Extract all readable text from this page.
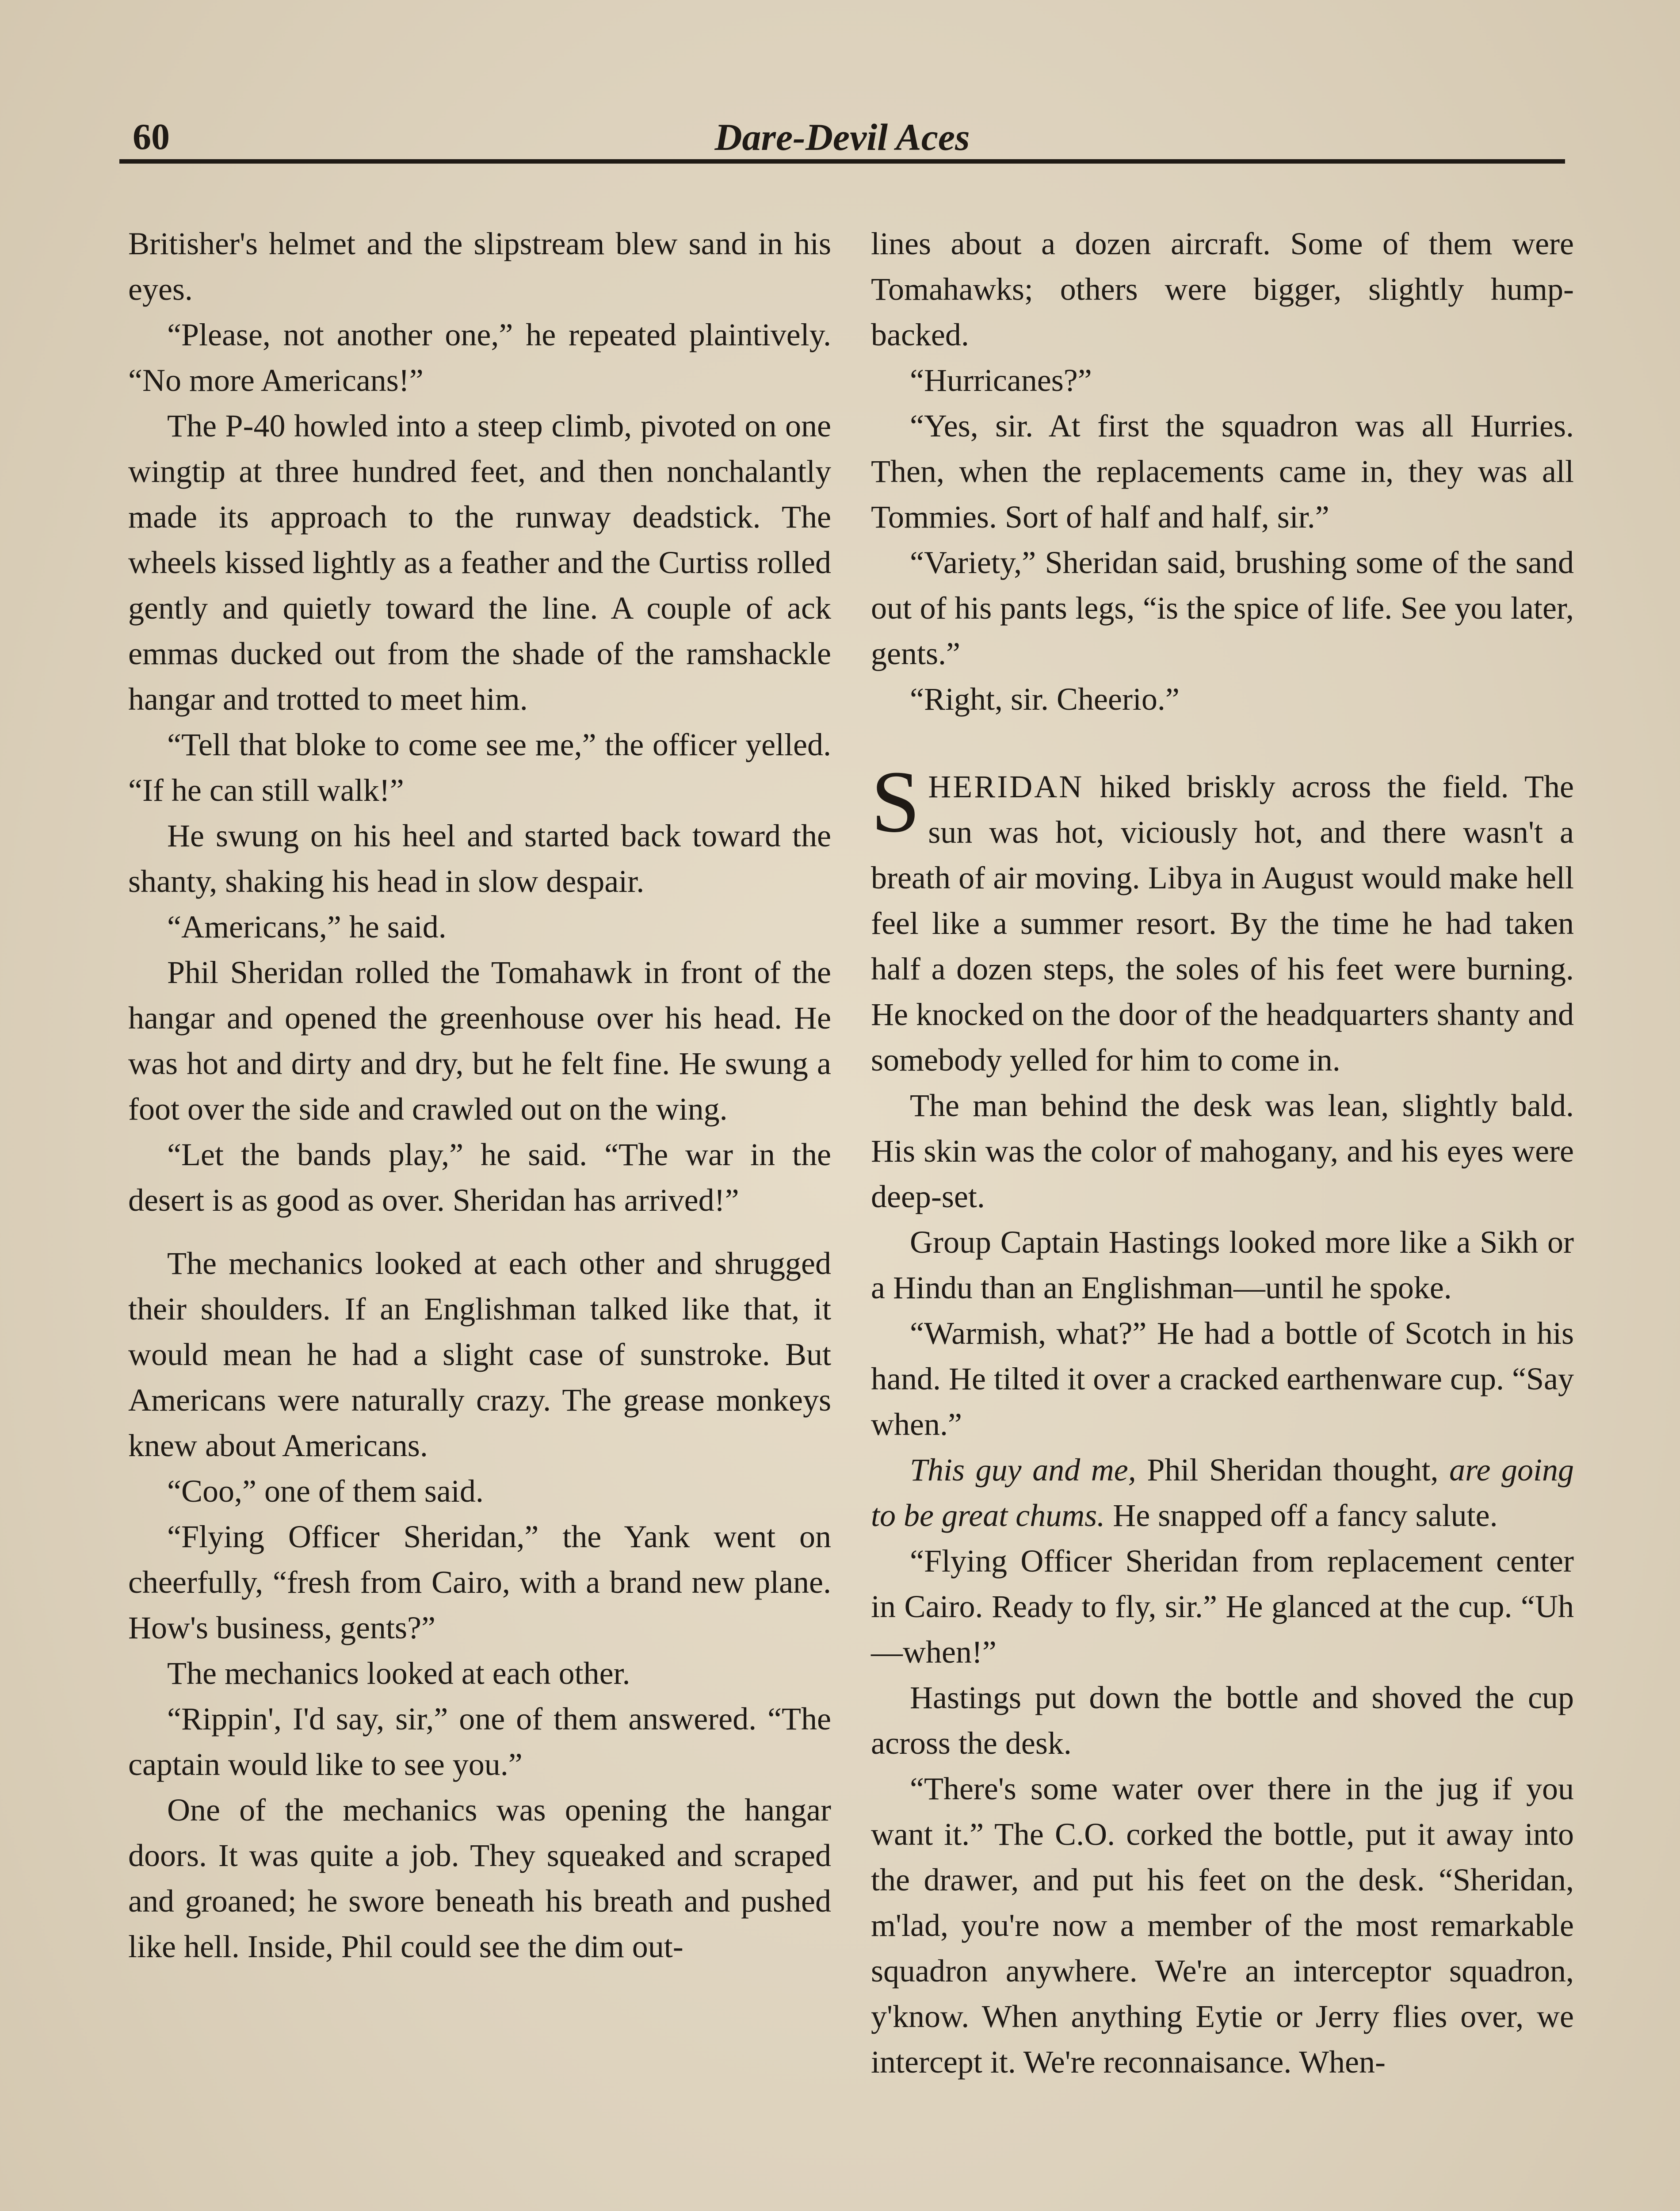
60	Dare-Devil Aces

Britisher's helmet and the slipstream blew sand in his eyes.

“Please, not another one,” he repeated plaintively. “No more Americans!”

The P-40 howled into a steep climb, pivoted on one wingtip at three hundred feet, and then nonchalantly made its approach to the runway deadstick. The wheels kissed lightly as a feather and the Curtiss rolled gently and quietly toward the line. A couple of ack emmas ducked out from the shade of the ramshackle hangar and trotted to meet him.

“Tell that bloke to come see me,” the officer yelled. “If he can still walk!”

He swung on his heel and started back toward the shanty, shaking his head in slow despair.

“Americans,” he said.

Phil Sheridan rolled the Tomahawk in front of the hangar and opened the greenhouse over his head. He was hot and dirty and dry, but he felt fine. He swung a foot over the side and crawled out on the wing.

“Let the bands play,” he said. “The war in the desert is as good as over. Sheridan has arrived!”

The mechanics looked at each other and shrugged their shoulders. If an Englishman talked like that, it would mean he had a slight case of sunstroke. But Americans were naturally crazy. The grease monkeys knew about Americans.

“Coo,” one of them said.

“Flying Officer Sheridan,” the Yank went on cheerfully, “fresh from Cairo, with a brand new plane. How's business, gents?”

The mechanics looked at each other.

“Rippin', I'd say, sir,” one of them answered. “The captain would like to see you.”

One of the mechanics was opening the hangar doors. It was quite a job. They squeaked and scraped and groaned; he swore beneath his breath and pushed like hell. Inside, Phil could see the dim out-

lines about a dozen aircraft. Some of them were Tomahawks; others were bigger, slightly hump-backed.

“Hurricanes?”

“Yes, sir. At first the squadron was all Hurries. Then, when the replacements came in, they was all Tommies. Sort of half and half, sir.”

“Variety,” Sheridan said, brushing some of the sand out of his pants legs, “is the spice of life. See you later, gents.”

“Right, sir. Cheerio.”

SHERIDAN hiked briskly across the field. The sun was hot, viciously hot, and there wasn't a breath of air moving. Libya in August would make hell feel like a summer resort. By the time he had taken half a dozen steps, the soles of his feet were burning. He knocked on the door of the headquarters shanty and somebody yelled for him to come in.

The man behind the desk was lean, slightly bald. His skin was the color of mahogany, and his eyes were deep-set.

Group Captain Hastings looked more like a Sikh or a Hindu than an Englishman—until he spoke.

“Warmish, what?” He had a bottle of Scotch in his hand. He tilted it over a cracked earthenware cup. “Say when.”

This guy and me, Phil Sheridan thought, are going to be great chums. He snapped off a fancy salute.

“Flying Officer Sheridan from replacement center in Cairo. Ready to fly, sir.” He glanced at the cup. “Uh—when!”

Hastings put down the bottle and shoved the cup across the desk.

“There's some water over there in the jug if you want it.” The C.O. corked the bottle, put it away into the drawer, and put his feet on the desk. “Sheridan, m'lad, you're now a member of the most remarkable squadron anywhere. We're an interceptor squadron, y'know. When anything Eytie or Jerry flies over, we intercept it. We're reconnaisance. When-
